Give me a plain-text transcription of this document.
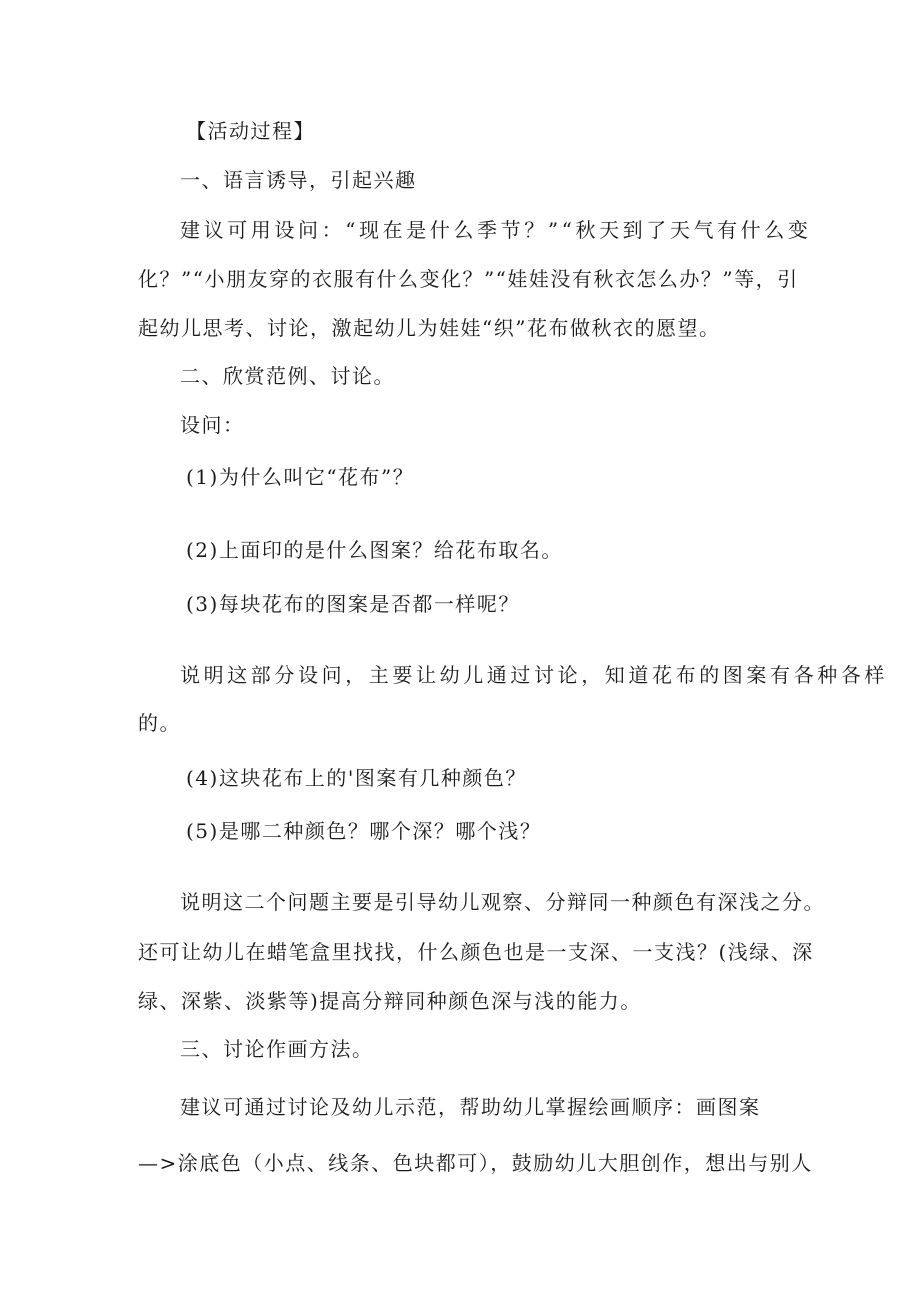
【活动过程】
一、语言诱导，引起兴趣
建议可用设问：“现在是什么季节？”“秋天到了天气有什么变
化？”“小朋友穿的衣服有什么变化？”“娃娃没有秋衣怎么办？”等，引
起幼儿思考、讨论，激起幼儿为娃娃“织”花布做秋衣的愿望。
二、欣赏范例、讨论。
设问：
(1)为什么叫它“花布”？
(2)上面印的是什么图案？给花布取名。
(3)每块花布的图案是否都一样呢？
说明这部分设问，主要让幼儿通过讨论，知道花布的图案有各种各样
的。
(4)这块花布上的'图案有几种颜色？
(5)是哪二种颜色？哪个深？哪个浅？
说明这二个问题主要是引导幼儿观察、分辩同一种颜色有深浅之分。
还可让幼儿在蜡笔盒里找找，什么颜色也是一支深、一支浅？(浅绿、深
绿、深紫、淡紫等)提高分辩同种颜色深与浅的能力。
三、讨论作画方法。
建议可通过讨论及幼儿示范，帮助幼儿掌握绘画顺序：画图案
—>涂底色（小点、线条、色块都可），鼓励幼儿大胆创作，想出与别人
